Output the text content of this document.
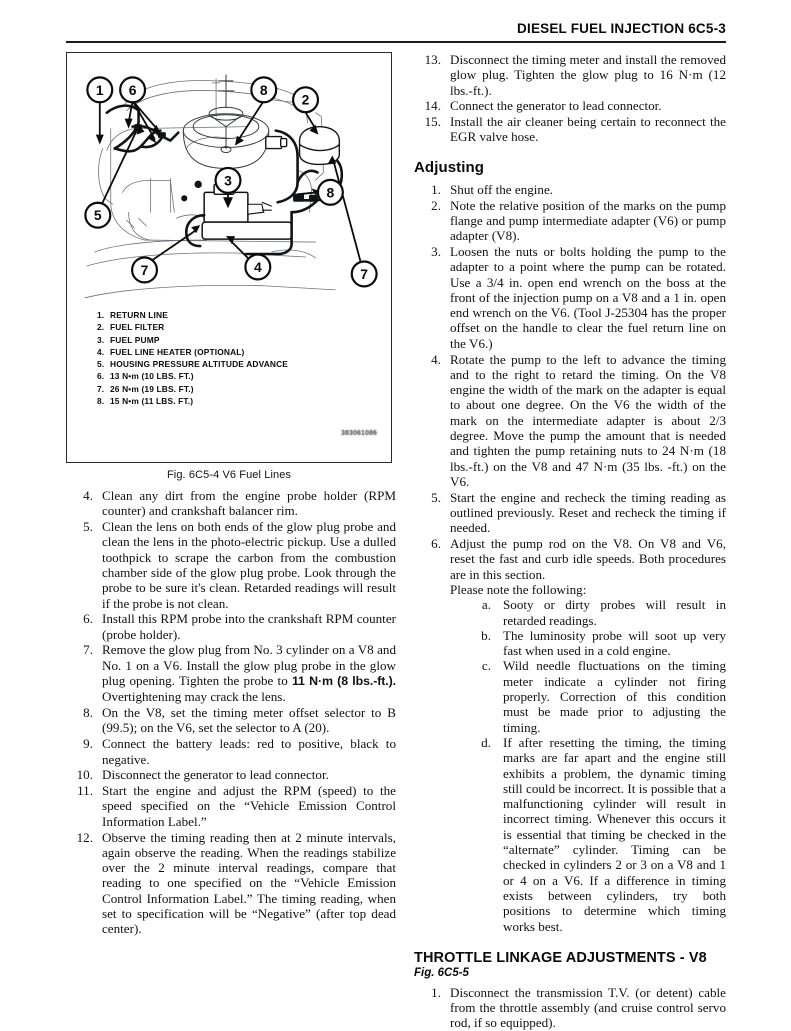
DIESEL FUEL INJECTION 6C5-3
1 6	8
2
3
5
8
7	4	7
1. RETURN LINE
2. FUEL FILTER
3. FUEL PUMP
4. FUEL LINE HEATER (OPTIONAL)
5. HOUSING PRESSURE ALTITUDE ADVANCE
6. 13 N•m (10 LBS. FT.)
7. 26 N•m (19 LBS. FT.)
8. 15 N•m (11 LBS. FT.)
383061086
Fig. 6C5-4 V6 Fuel Lines
4. Clean any dirt from the engine probe holder (RPM counter) and crankshaft balancer rim.
5. Clean the lens on both ends of the glow plug probe and clean the lens in the photo-electric pickup. Use a dulled toothpick to scrape the carbon from the combustion chamber side of the glow plug probe. Look through the probe to be sure it's clean. Retarded readings will result if the probe is not clean.
6. Install this RPM probe into the crankshaft RPM counter (probe holder).
7. Remove the glow plug from No. 3 cylinder on a V8 and No. 1 on a V6. Install the glow plug probe in the glow plug opening. Tighten the probe to 11 N·m (8 lbs.-ft.). Overtightening may crack the lens.
8. On the V8, set the timing meter offset selector to B (99.5); on the V6, set the selector to A (20).
9. Connect the battery leads: red to positive, black to negative.
10. Disconnect the generator to lead connector.
11. Start the engine and adjust the RPM (speed) to the speed specified on the “Vehicle Emission Control Information Label.”
12. Observe the timing reading then at 2 minute intervals, again observe the reading. When the readings stabilize over the 2 minute interval readings, compare that reading to one specified on the “Vehicle Emission Control Information Label.” The timing reading, when set to specification will be “Negative” (after top dead center).
13. Disconnect the timing meter and install the removed glow plug. Tighten the glow plug to 16 N·m (12 lbs.-ft.).
14. Connect the generator to lead connector.
15. Install the air cleaner being certain to reconnect the EGR valve hose.
Adjusting
1. Shut off the engine.
2. Note the relative position of the marks on the pump flange and pump intermediate adapter (V6) or pump adapter (V8).
3. Loosen the nuts or bolts holding the pump to the adapter to a point where the pump can be rotated. Use a 3/4 in. open end wrench on the boss at the front of the injection pump on a V8 and a 1 in. open end wrench on the V6. (Tool J-25304 has the proper offset on the handle to clear the fuel return line on the V6.)
4. Rotate the pump to the left to advance the timing and to the right to retard the timing. On the V8 engine the width of the mark on the adapter is equal to about one degree. On the V6 the width of the mark on the intermediate adapter is about 2/3 degree. Move the pump the amount that is needed and tighten the pump retaining nuts to 24 N·m (18 lbs.-ft.) on the V8 and 47 N·m (35 lbs. -ft.) on the V6.
5. Start the engine and recheck the timing reading as outlined previously. Reset and recheck the timing if needed.
6. Adjust the pump rod on the V8. On V8 and V6, reset the fast and curb idle speeds. Both procedures are in this section.
Please note the following:
a. Sooty or dirty probes will result in retarded readings.
b. The luminosity probe will soot up very fast when used in a cold engine.
c. Wild needle fluctuations on the timing meter indicate a cylinder not firing properly. Correction of this condition must be made prior to adjusting the timing.
d. If after resetting the timing, the timing marks are far apart and the engine still exhibits a problem, the dynamic timing still could be incorrect. It is possible that a malfunctioning cylinder will result in incorrect timing. Whenever this occurs it is essential that timing be checked in the “alternate” cylinder. Timing can be checked in cylinders 2 or 3 on a V8 and 1 or 4 on a V6. If a difference in timing exists between cylinders, try both positions to determine which timing works best.
THROTTLE LINKAGE ADJUSTMENTS - V8
Fig. 6C5-5
1. Disconnect the transmission T.V. (or detent) cable from the throttle assembly (and cruise control servo rod, if so equipped).
